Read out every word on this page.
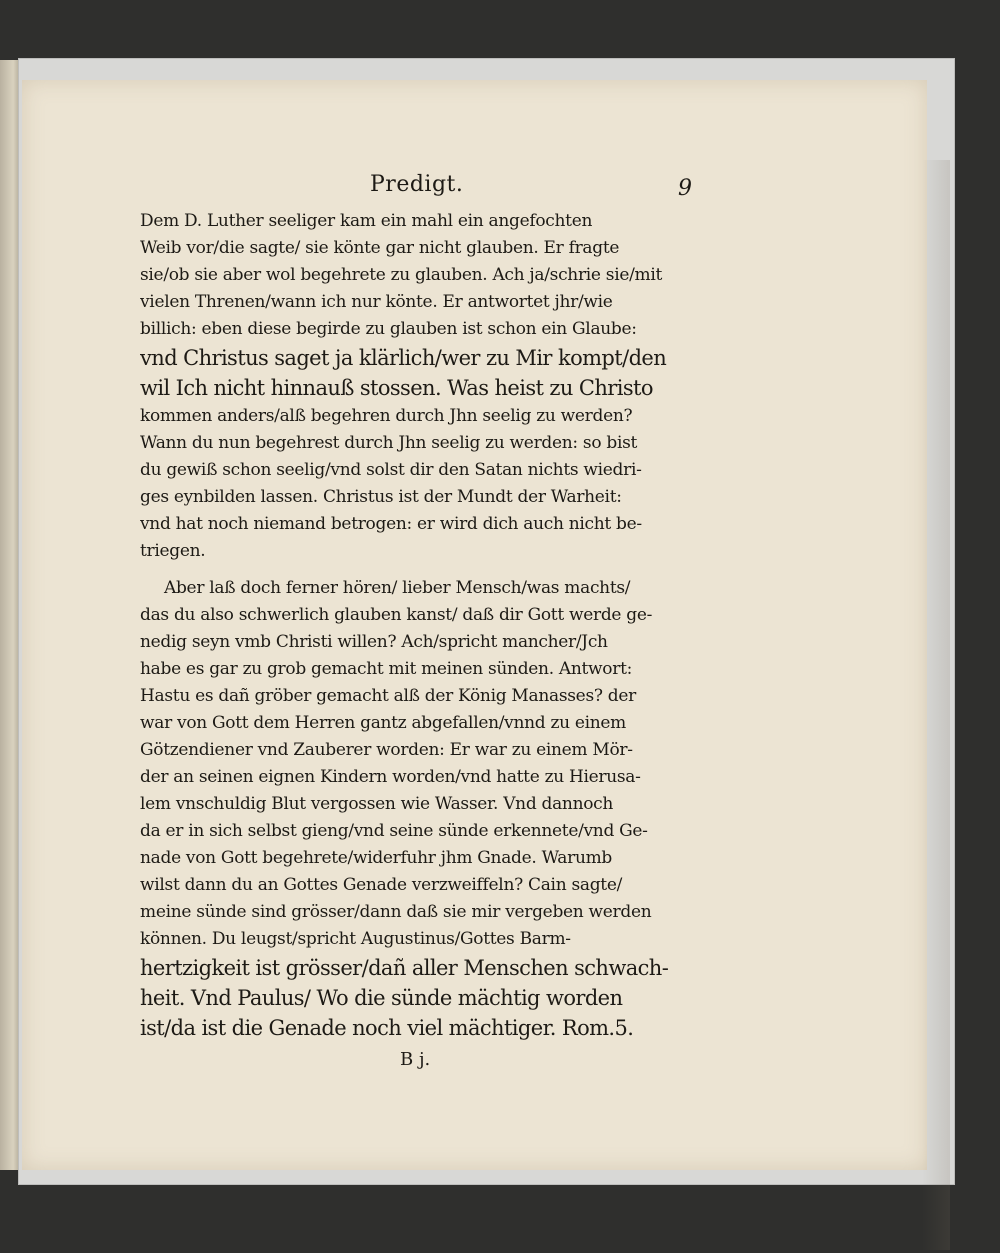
Predigt.	9
Dem D. Luther seeliger kam ein mahl ein angefochten
Weib vor/die sagte/ sie könte gar nicht glauben. Er fragte
sie/ob sie aber wol begehrete zu glauben. Ach ja/schrie sie/mit
vielen Threnen/wann ich nur könte. Er antwortet jhr/wie
billich: eben diese begirde zu glauben ist schon ein Glaube:
vnd Christus saget ja klärlich/wer zu Mir kompt/den
wil Ich nicht hinnauß stossen. Was heist zu Christo
kommen anders/alß begehren durch Jhn seelig zu werden?
Wann du nun begehrest durch Jhn seelig zu werden: so bist
du gewiß schon seelig/vnd solst dir den Satan nichts wiedri-
ges eynbilden lassen. Christus ist der Mundt der Warheit:
vnd hat noch niemand betrogen: er wird dich auch nicht be-
triegen.
Aber laß doch ferner hören/ lieber Mensch/was machts/
das du also schwerlich glauben kanst/ daß dir Gott werde ge-
nedig seyn vmb Christi willen? Ach/spricht mancher/Jch
habe es gar zu grob gemacht mit meinen sünden. Antwort:
Hastu es dañ gröber gemacht alß der König Manasses? der
war von Gott dem Herren gantz abgefallen/vnnd zu einem
Götzendiener vnd Zauberer worden: Er war zu einem Mör-
der an seinen eignen Kindern worden/vnd hatte zu Hierusa-
lem vnschuldig Blut vergossen wie Wasser. Vnd dannoch
da er in sich selbst gieng/vnd seine sünde erkennete/vnd Ge-
nade von Gott begehrete/widerfuhr jhm Gnade. Warumb
wilst dann du an Gottes Genade verzweiffeln? Cain sagte/
meine sünde sind grösser/dann daß sie mir vergeben werden
können. Du leugst/spricht Augustinus/Gottes Barm-
hertzigkeit ist grösser/dañ aller Menschen schwach-
heit. Vnd Paulus/ Wo die sünde mächtig worden
ist/da ist die Genade noch viel mächtiger. Rom.5.
B j.
